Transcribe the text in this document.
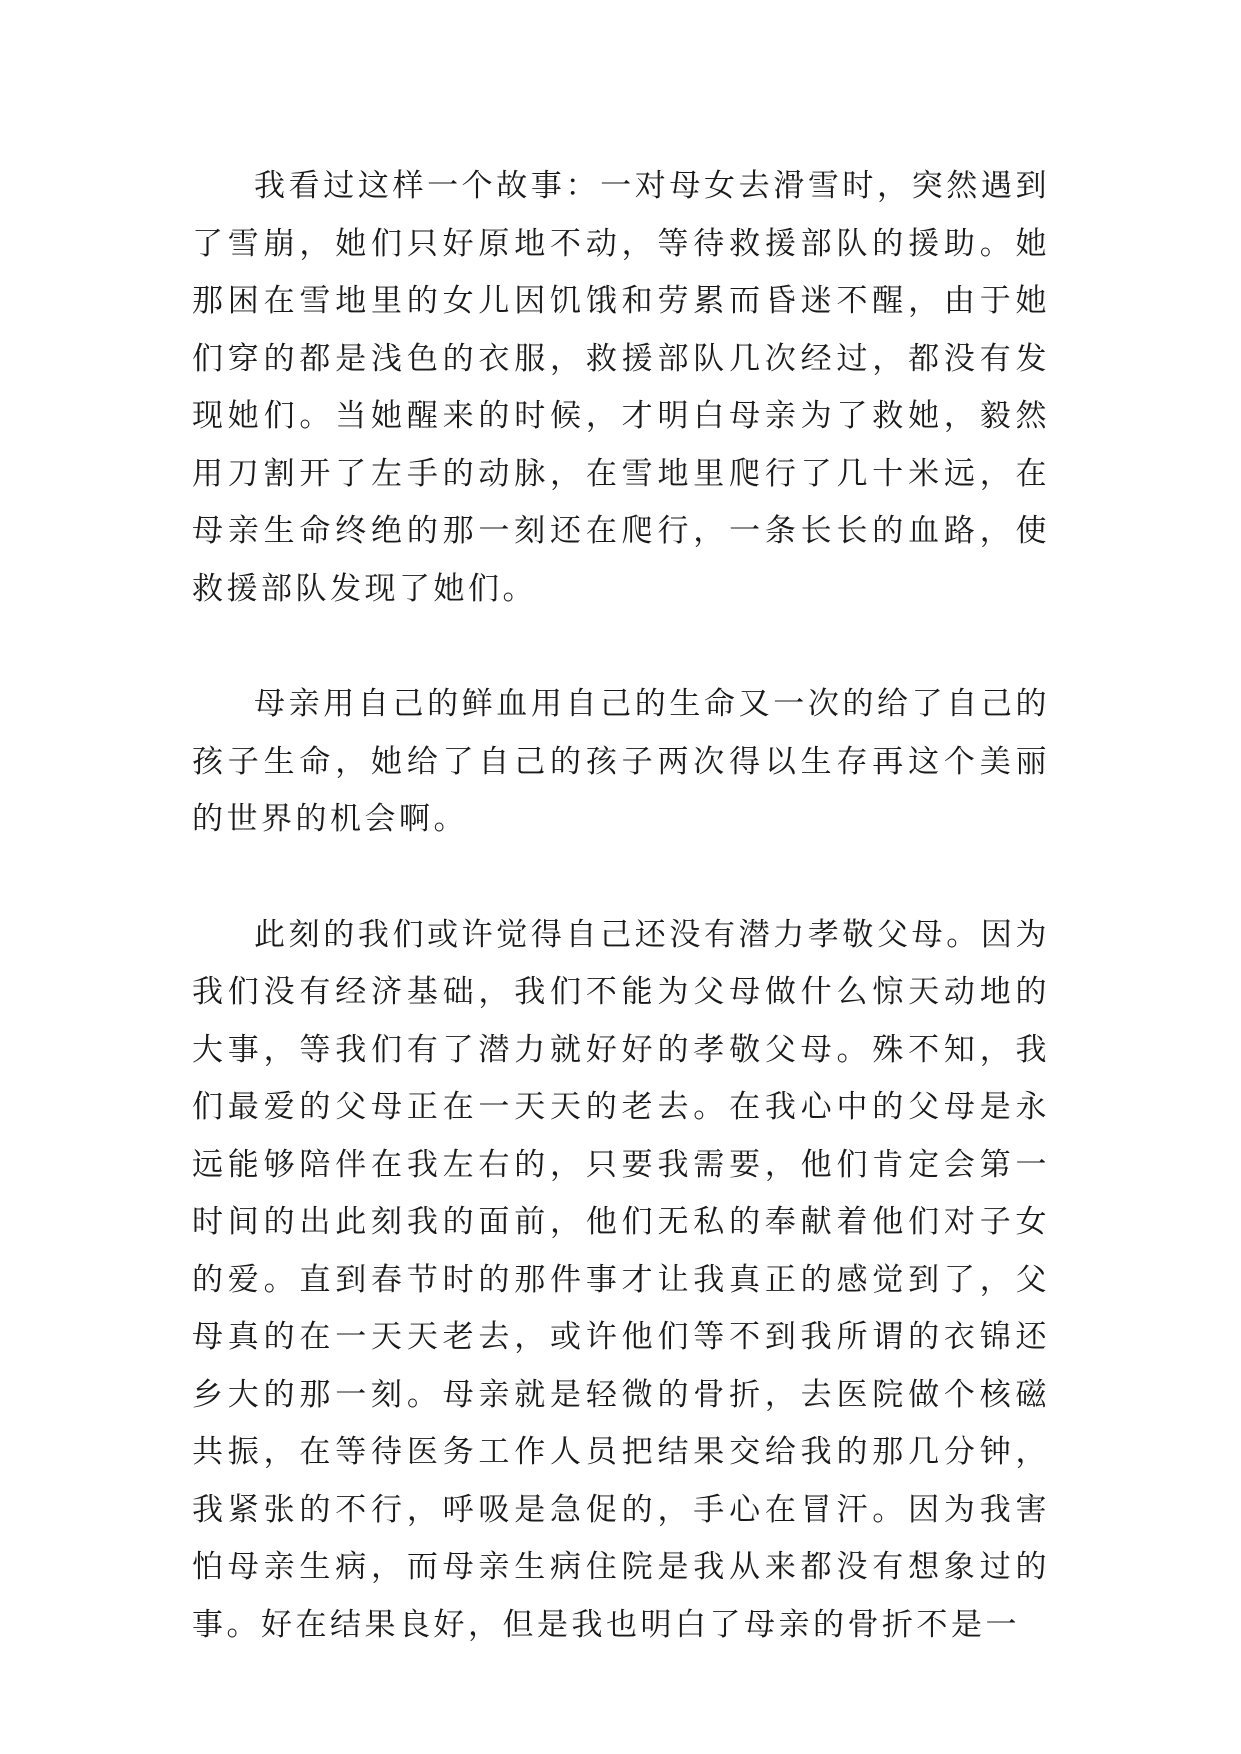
我看过这样一个故事：一对母女去滑雪时，突然遇到了雪崩，她们只好原地不动，等待救援部队的援助。她那困在雪地里的女儿因饥饿和劳累而昏迷不醒，由于她们穿的都是浅色的衣服，救援部队几次经过，都没有发现她们。当她醒来的时候，才明白母亲为了救她，毅然用刀割开了左手的动脉，在雪地里爬行了几十米远，在母亲生命终绝的那一刻还在爬行，一条长长的血路，使救援部队发现了她们。

母亲用自己的鲜血用自己的生命又一次的给了自己的孩子生命，她给了自己的孩子两次得以生存再这个美丽的世界的机会啊。

此刻的我们或许觉得自己还没有潜力孝敬父母。因为我们没有经济基础，我们不能为父母做什么惊天动地的大事，等我们有了潜力就好好的孝敬父母。殊不知，我们最爱的父母正在一天天的老去。在我心中的父母是永远能够陪伴在我左右的，只要我需要，他们肯定会第一时间的出此刻我的面前，他们无私的奉献着他们对子女的爱。直到春节时的那件事才让我真正的感觉到了，父母真的在一天天老去，或许他们等不到我所谓的衣锦还乡大的那一刻。母亲就是轻微的骨折，去医院做个核磁共振，在等待医务工作人员把结果交给我的那几分钟，我紧张的不行，呼吸是急促的，手心在冒汗。因为我害怕母亲生病，而母亲生病住院是我从来都没有想象过的事。好在结果良好，但是我也明白了母亲的骨折不是一
